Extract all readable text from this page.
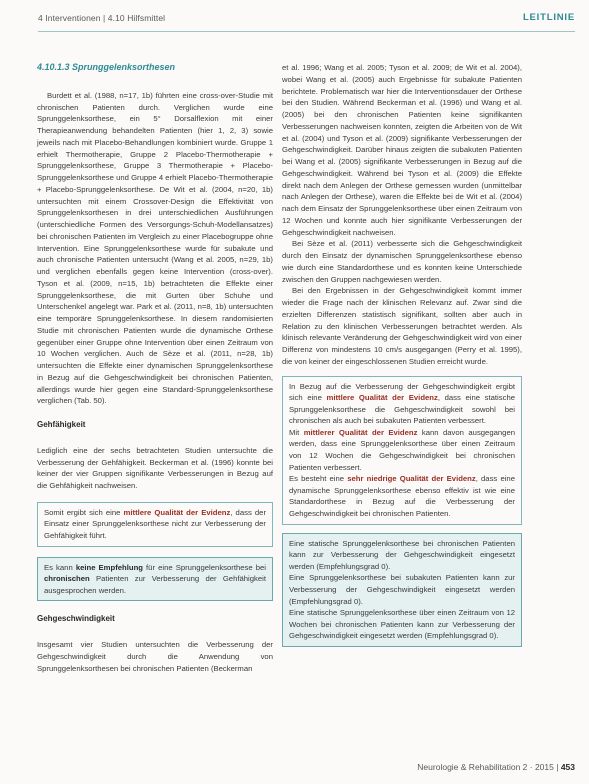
4 Interventionen | 4.10 Hilfsmittel	LEITLINIE
4.10.1.3 Sprunggelenksorthesen

Burdett et al. (1988, n=17, 1b) führten eine cross-over-Studie mit chronischen Patienten durch. Verglichen wurde eine Sprunggelenksorthese, ein 5° Dorsalflexion mit einer Therapieanwendung behandelten Patienten (hier 1, 2, 3) sowie jeweils nach mit Placebo-Behandlungen kombiniert wurde. Gruppe 1 erhielt Thermotherapie, Gruppe 2 Placebo-Thermotherapie + Sprunggelenksorthese, Gruppe 3 Thermotherapie + Placebo-Sprunggelenksorthese und Gruppe 4 erhielt Placebo-Thermotherapie + Placebo-Sprunggelenksorthese. De Wit et al. (2004, n=20, 1b) untersuchten mit einem Crossover-Design die Effektivität von Sprunggelenksorthesen in drei unterschiedlichen Ausführungen (unterschiedliche Formen des Versorgungs-Schuh-Modellansatzes) bei chronischen Patienten im Vergleich zu einer Placebogruppe ohne Intervention. Eine Sprunggelenksorthese wurde für subakute und auch chronische Patienten untersucht (Wang et al. 2005, n=29, 1b) und verglichen ebenfalls gegen keine Intervention (cross-over). Tyson et al. (2009, n=15, 1b) betrachteten die Effekte einer Sprunggelenksorthese, die mit Gurten über Schuhe und Unterschenkel angelegt war. Park et al. (2011, n=8, 1b) untersuchten eine temporäre Sprunggelenksorthese. In diesem randomisierten Studie mit chronischen Patienten wurde die dynamische Orthese gegenüber einer Gruppe ohne Intervention über einen Zeitraum von 10 Wochen verglichen. Auch de Sèze et al. (2011, n=28, 1b) untersuchten die Effekte einer dynamischen Sprunggelenksorthese in Bezug auf die Gehgeschwindigkeit bei chronischen Patienten, allerdings wurde hier gegen eine Standard-Sprunggelenksorthese verglichen (Tab. 50).

Gehfähigkeit

Lediglich eine der sechs betrachteten Studien untersuchte die Verbesserung der Gehfähigkeit. Beckerman et al. (1996) konnte bei keiner der vier Gruppen signifikante Verbesserungen in Bezug auf die Gehfähigkeit nachweisen.

Somit ergibt sich eine mittlere Qualität der Evidenz, dass der Einsatz einer Sprunggelenksorthese nicht zur Verbesserung der Gehfähigkeit führt.

Es kann keine Empfehlung für eine Sprunggelenksorthese bei chronischen Patienten zur Verbesserung der Gehfähigkeit ausgesprochen werden.

Gehgeschwindigkeit

Insgesamt vier Studien untersuchten die Verbesserung der Gehgeschwindigkeit durch die Anwendung von Sprunggelenksorthesen bei chronischen Patienten (Beckerman

et al. 1996; Wang et al. 2005; Tyson et al. 2009; de Wit et al. 2004), wobei Wang et al. (2005) auch Ergebnisse für subakute Patienten berichtete. Problematisch war hier die Interventionsdauer der Orthese bei den Studien. Während Beckerman et al. (1996) und Wang et al. (2005) bei den chronischen Patienten keine signifikanten Verbesserungen nachweisen konnten, zeigten die Arbeiten von de Wit et al. (2004) und Tyson et al. (2009) signifikante Verbesserungen der Gehgeschwindigkeit. Darüber hinaus zeigten die subakuten Patienten bei Wang et al. (2005) signifikante Verbesserungen in Bezug auf die Gehgeschwindigkeit. Während bei Tyson et al. (2009) die Effekte direkt nach dem Anlegen der Orthese gemessen wurden (unmittelbar nach Anlegen der Orthese), waren die Effekte bei de Wit et al. (2004) nach dem Einsatz der Sprunggelenksorthese über einen Zeitraum von 12 Wochen und konnte auch hier signifikante Verbesserungen der Gehgeschwindigkeit nachweisen.

Bei Sèze et al. (2011) verbesserte sich die Gehgeschwindigkeit durch den Einsatz der dynamischen Sprunggelenksorthese ebenso wie durch eine Standardorthese und es konnten keine Unterschiede zwischen den Gruppen nachgewiesen werden.

Bei den Ergebnissen in der Gehgeschwindigkeit kommt immer wieder die Frage nach der klinischen Relevanz auf. Zwar sind die erzielten Differenzen statistisch signifikant, sollten aber auch in Relation zu den klinischen Verbesserungen betrachtet werden. Als klinisch relevante Veränderung der Gehgeschwindigkeit wird von einer Differenz von mindestens 10 cm/s ausgegangen (Perry et al. 1995), die von keiner der eingeschlossenen Studien erreicht wurde.

In Bezug auf die Verbesserung der Gehgeschwindigkeit ergibt sich eine mittlere Qualität der Evidenz, dass eine statische Sprunggelenksorthese die Gehgeschwindigkeit sowohl bei chronischen als auch bei subakuten Patienten verbessert.

Mit mittlerer Qualität der Evidenz kann davon ausgegangen werden, dass eine Sprunggelenksorthese über einen Zeitraum von 12 Wochen die Gehgeschwindigkeit bei chronischen Patienten verbessert.

Es besteht eine sehr niedrige Qualität der Evidenz, dass eine dynamische Sprunggelenksorthese ebenso effektiv ist wie eine Standardorthese in Bezug auf die Verbesserung der Gehgeschwindigkeit bei chronischen Patienten.

Eine statische Sprunggelenksorthese bei chronischen Patienten kann zur Verbesserung der Gehgeschwindigkeit eingesetzt werden (Empfehlungsgrad 0).

Eine Sprunggelenksorthese bei subakuten Patienten kann zur Verbesserung der Gehgeschwindigkeit eingesetzt werden (Empfehlungsgrad 0).

Eine statische Sprunggelenksorthese über einen Zeitraum von 12 Wochen bei chronischen Patienten kann zur Verbesserung der Gehgeschwindigkeit eingesetzt werden (Empfehlungsgrad 0).

Neurologie & Rehabilitation 2 · 2015 | 453
